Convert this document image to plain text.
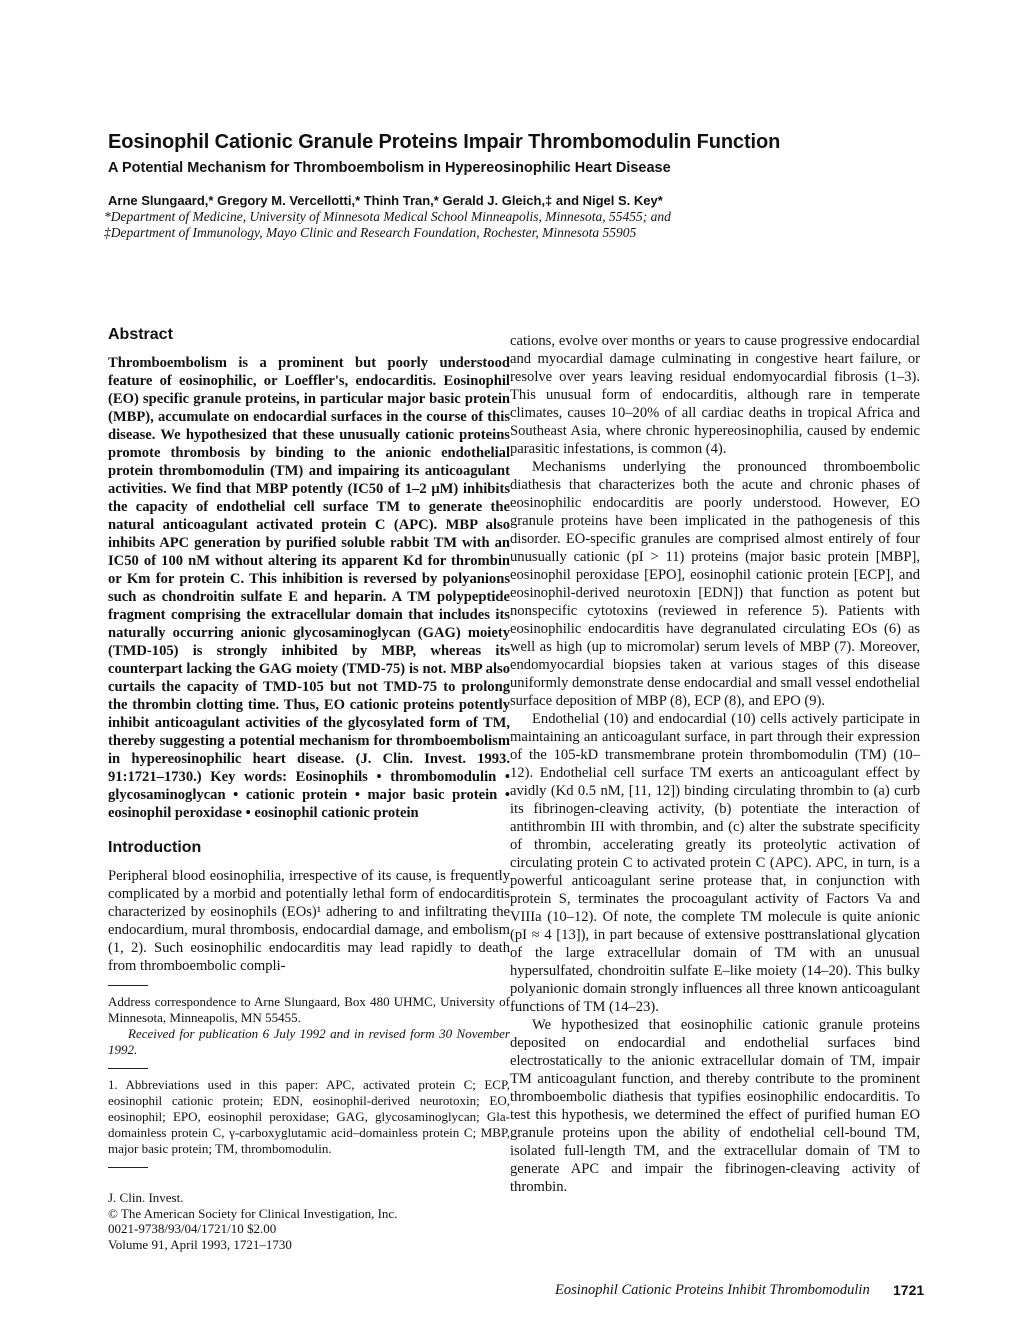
Eosinophil Cationic Granule Proteins Impair Thrombomodulin Function
A Potential Mechanism for Thromboembolism in Hypereosinophilic Heart Disease
Arne Slungaard,* Gregory M. Vercellotti,* Thinh Tran,* Gerald J. Gleich,‡ and Nigel S. Key*
*Department of Medicine, University of Minnesota Medical School Minneapolis, Minnesota, 55455; and
‡Department of Immunology, Mayo Clinic and Research Foundation, Rochester, Minnesota 55905
Abstract

Thromboembolism is a prominent but poorly understood feature of eosinophilic, or Loeffler's, endocarditis. Eosinophil (EO) specific granule proteins, in particular major basic protein (MBP), accumulate on endocardial surfaces in the course of this disease. We hypothesized that these unusually cationic proteins promote thrombosis by binding to the anionic endothelial protein thrombomodulin (TM) and impairing its anticoagulant activities. We find that MBP potently (IC50 of 1–2 μM) inhibits the capacity of endothelial cell surface TM to generate the natural anticoagulant activated protein C (APC). MBP also inhibits APC generation by purified soluble rabbit TM with an IC50 of 100 nM without altering its apparent Kd for thrombin or Km for protein C. This inhibition is reversed by polyanions such as chondroitin sulfate E and heparin. A TM polypeptide fragment comprising the extracellular domain that includes its naturally occurring anionic glycosaminoglycan (GAG) moiety (TMD-105) is strongly inhibited by MBP, whereas its counterpart lacking the GAG moiety (TMD-75) is not. MBP also curtails the capacity of TMD-105 but not TMD-75 to prolong the thrombin clotting time. Thus, EO cationic proteins potently inhibit anticoagulant activities of the glycosylated form of TM, thereby suggesting a potential mechanism for thromboembolism in hypereosinophilic heart disease. (J. Clin. Invest. 1993. 91:1721–1730.) Key words: Eosinophils • thrombomodulin • glycosaminoglycan • cationic protein • major basic protein • eosinophil peroxidase • eosinophil cationic protein

Introduction

Peripheral blood eosinophilia, irrespective of its cause, is frequently complicated by a morbid and potentially lethal form of endocarditis characterized by eosinophils (EOs)¹ adhering to and infiltrating the endocardium, mural thrombosis, endocardial damage, and embolism (1, 2). Such eosinophilic endocarditis may lead rapidly to death from thromboembolic compli-

Address correspondence to Arne Slungaard, Box 480 UHMC, University of Minnesota, Minneapolis, MN 55455.

Received for publication 6 July 1992 and in revised form 30 November 1992.

1. Abbreviations used in this paper: APC, activated protein C; ECP, eosinophil cationic protein; EDN, eosinophil-derived neurotoxin; EO, eosinophil; EPO, eosinophil peroxidase; GAG, glycosaminoglycan; Gla-domainless protein C, γ-carboxyglutamic acid–domainless protein C; MBP, major basic protein; TM, thrombomodulin.

J. Clin. Invest.
© The American Society for Clinical Investigation, Inc.
0021-9738/93/04/1721/10 $2.00
Volume 91, April 1993, 1721–1730

cations, evolve over months or years to cause progressive endocardial and myocardial damage culminating in congestive heart failure, or resolve over years leaving residual endomyocardial fibrosis (1–3). This unusual form of endocarditis, although rare in temperate climates, causes 10–20% of all cardiac deaths in tropical Africa and Southeast Asia, where chronic hypereosinophilia, caused by endemic parasitic infestations, is common (4).

Mechanisms underlying the pronounced thromboembolic diathesis that characterizes both the acute and chronic phases of eosinophilic endocarditis are poorly understood. However, EO granule proteins have been implicated in the pathogenesis of this disorder. EO-specific granules are comprised almost entirely of four unusually cationic (pI > 11) proteins (major basic protein [MBP], eosinophil peroxidase [EPO], eosinophil cationic protein [ECP], and eosinophil-derived neurotoxin [EDN]) that function as potent but nonspecific cytotoxins (reviewed in reference 5). Patients with eosinophilic endocarditis have degranulated circulating EOs (6) as well as high (up to micromolar) serum levels of MBP (7). Moreover, endomyocardial biopsies taken at various stages of this disease uniformly demonstrate dense endocardial and small vessel endothelial surface deposition of MBP (8), ECP (8), and EPO (9).

Endothelial (10) and endocardial (10) cells actively participate in maintaining an anticoagulant surface, in part through their expression of the 105-kD transmembrane protein thrombomodulin (TM) (10–12). Endothelial cell surface TM exerts an anticoagulant effect by avidly (Kd 0.5 nM, [11, 12]) binding circulating thrombin to (a) curb its fibrinogen-cleaving activity, (b) potentiate the interaction of antithrombin III with thrombin, and (c) alter the substrate specificity of thrombin, accelerating greatly its proteolytic activation of circulating protein C to activated protein C (APC). APC, in turn, is a powerful anticoagulant serine protease that, in conjunction with protein S, terminates the procoagulant activity of Factors Va and VIIIa (10–12). Of note, the complete TM molecule is quite anionic (pI ≈ 4 [13]), in part because of extensive posttranslational glycation of the large extracellular domain of TM with an unusual hypersulfated, chondroitin sulfate E–like moiety (14–20). This bulky polyanionic domain strongly influences all three known anticoagulant functions of TM (14–23).

We hypothesized that eosinophilic cationic granule proteins deposited on endocardial and endothelial surfaces bind electrostatically to the anionic extracellular domain of TM, impair TM anticoagulant function, and thereby contribute to the prominent thromboembolic diathesis that typifies eosinophilic endocarditis. To test this hypothesis, we determined the effect of purified human EO granule proteins upon the ability of endothelial cell-bound TM, isolated full-length TM, and the extracellular domain of TM to generate APC and impair the fibrinogen-cleaving activity of thrombin.

Eosinophil Cationic Proteins Inhibit Thrombomodulin	1721
